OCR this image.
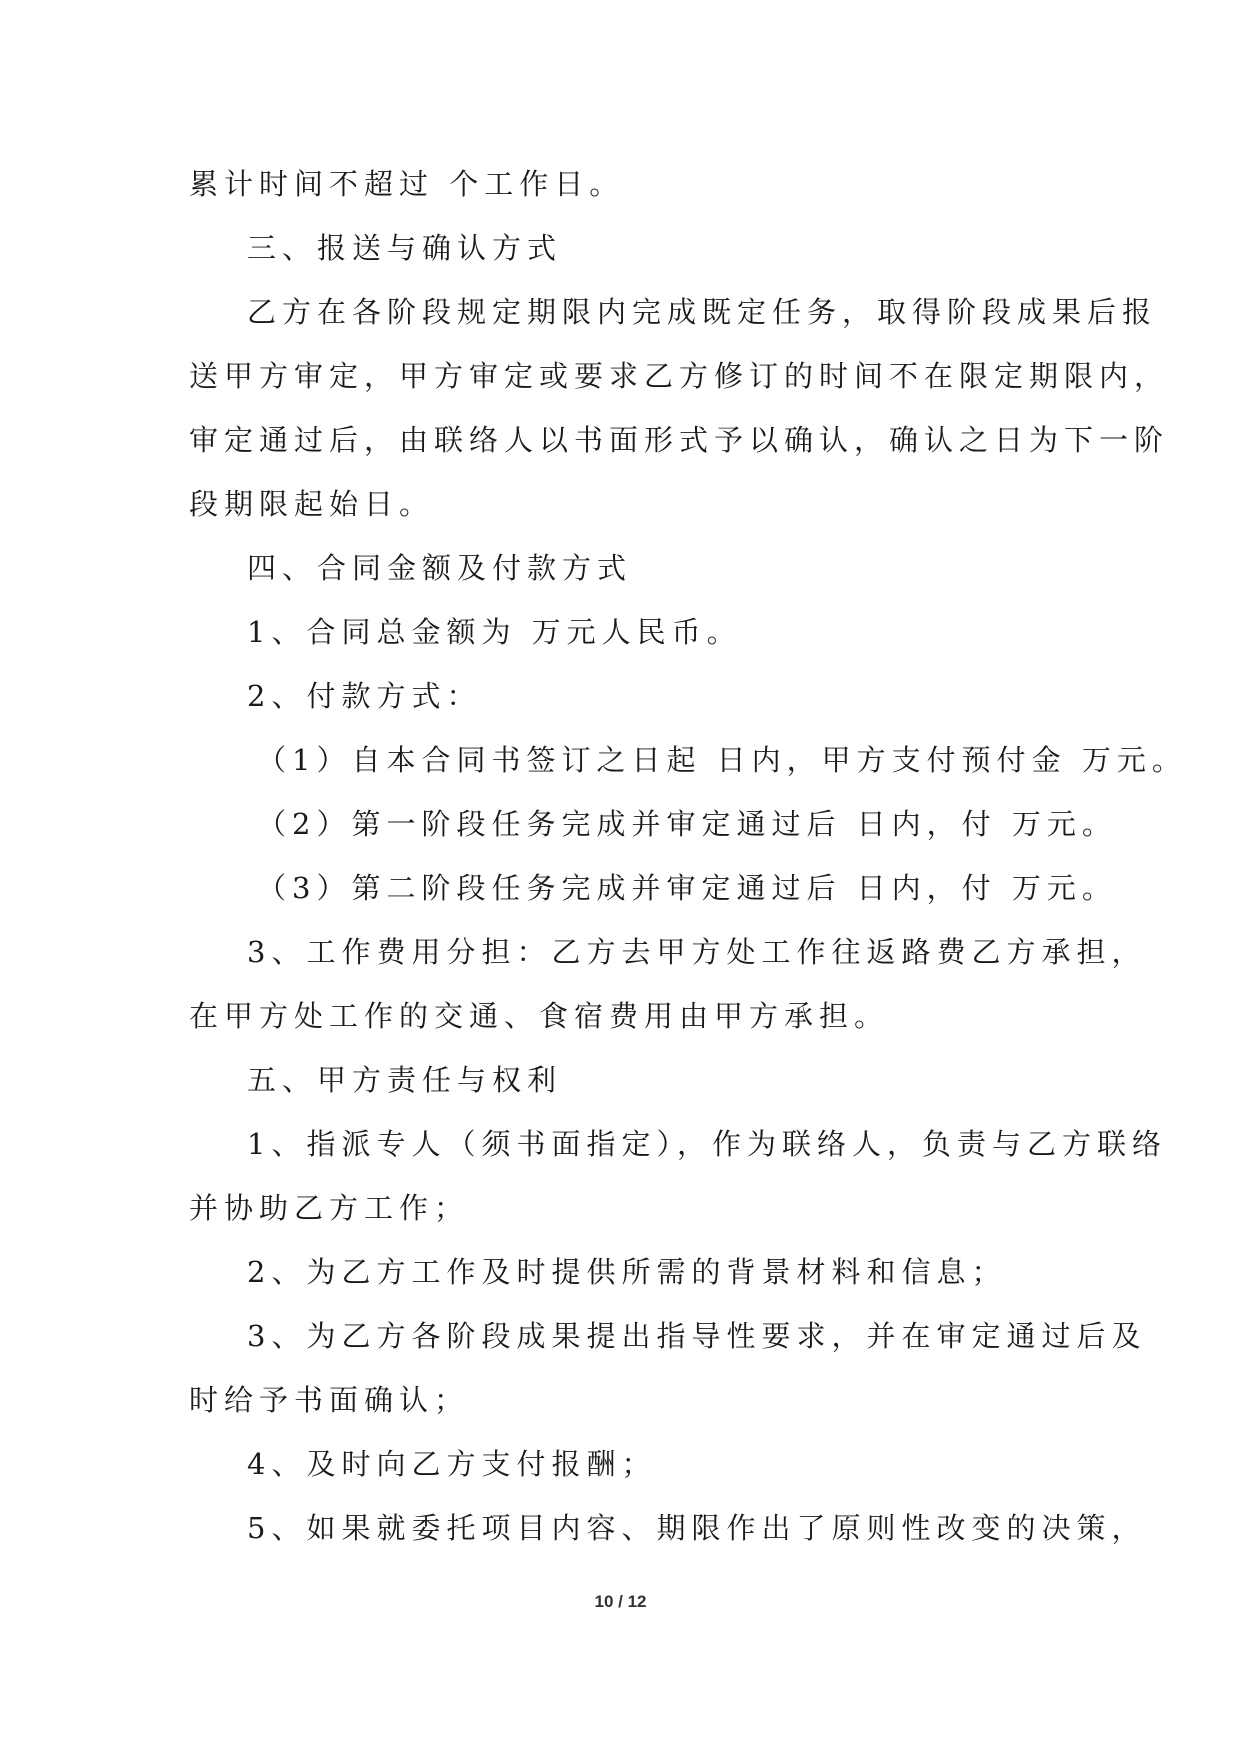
累计时间不超过 个工作日。
三、报送与确认方式
乙方在各阶段规定期限内完成既定任务，取得阶段成果后报
送甲方审定，甲方审定或要求乙方修订的时间不在限定期限内，
审定通过后，由联络人以书面形式予以确认，确认之日为下一阶
段期限起始日。
四、合同金额及付款方式
1、合同总金额为 万元人民币。
2、付款方式：
（1）自本合同书签订之日起 日内，甲方支付预付金 万元。
（2）第一阶段任务完成并审定通过后 日内，付 万元。
（3）第二阶段任务完成并审定通过后 日内，付 万元。
3、工作费用分担：乙方去甲方处工作往返路费乙方承担，
在甲方处工作的交通、食宿费用由甲方承担。
五、甲方责任与权利
1、指派专人（须书面指定），作为联络人，负责与乙方联络
并协助乙方工作；
2、为乙方工作及时提供所需的背景材料和信息；
3、为乙方各阶段成果提出指导性要求，并在审定通过后及
时给予书面确认；
4、及时向乙方支付报酬；
5、如果就委托项目内容、期限作出了原则性改变的决策，
10 / 12
